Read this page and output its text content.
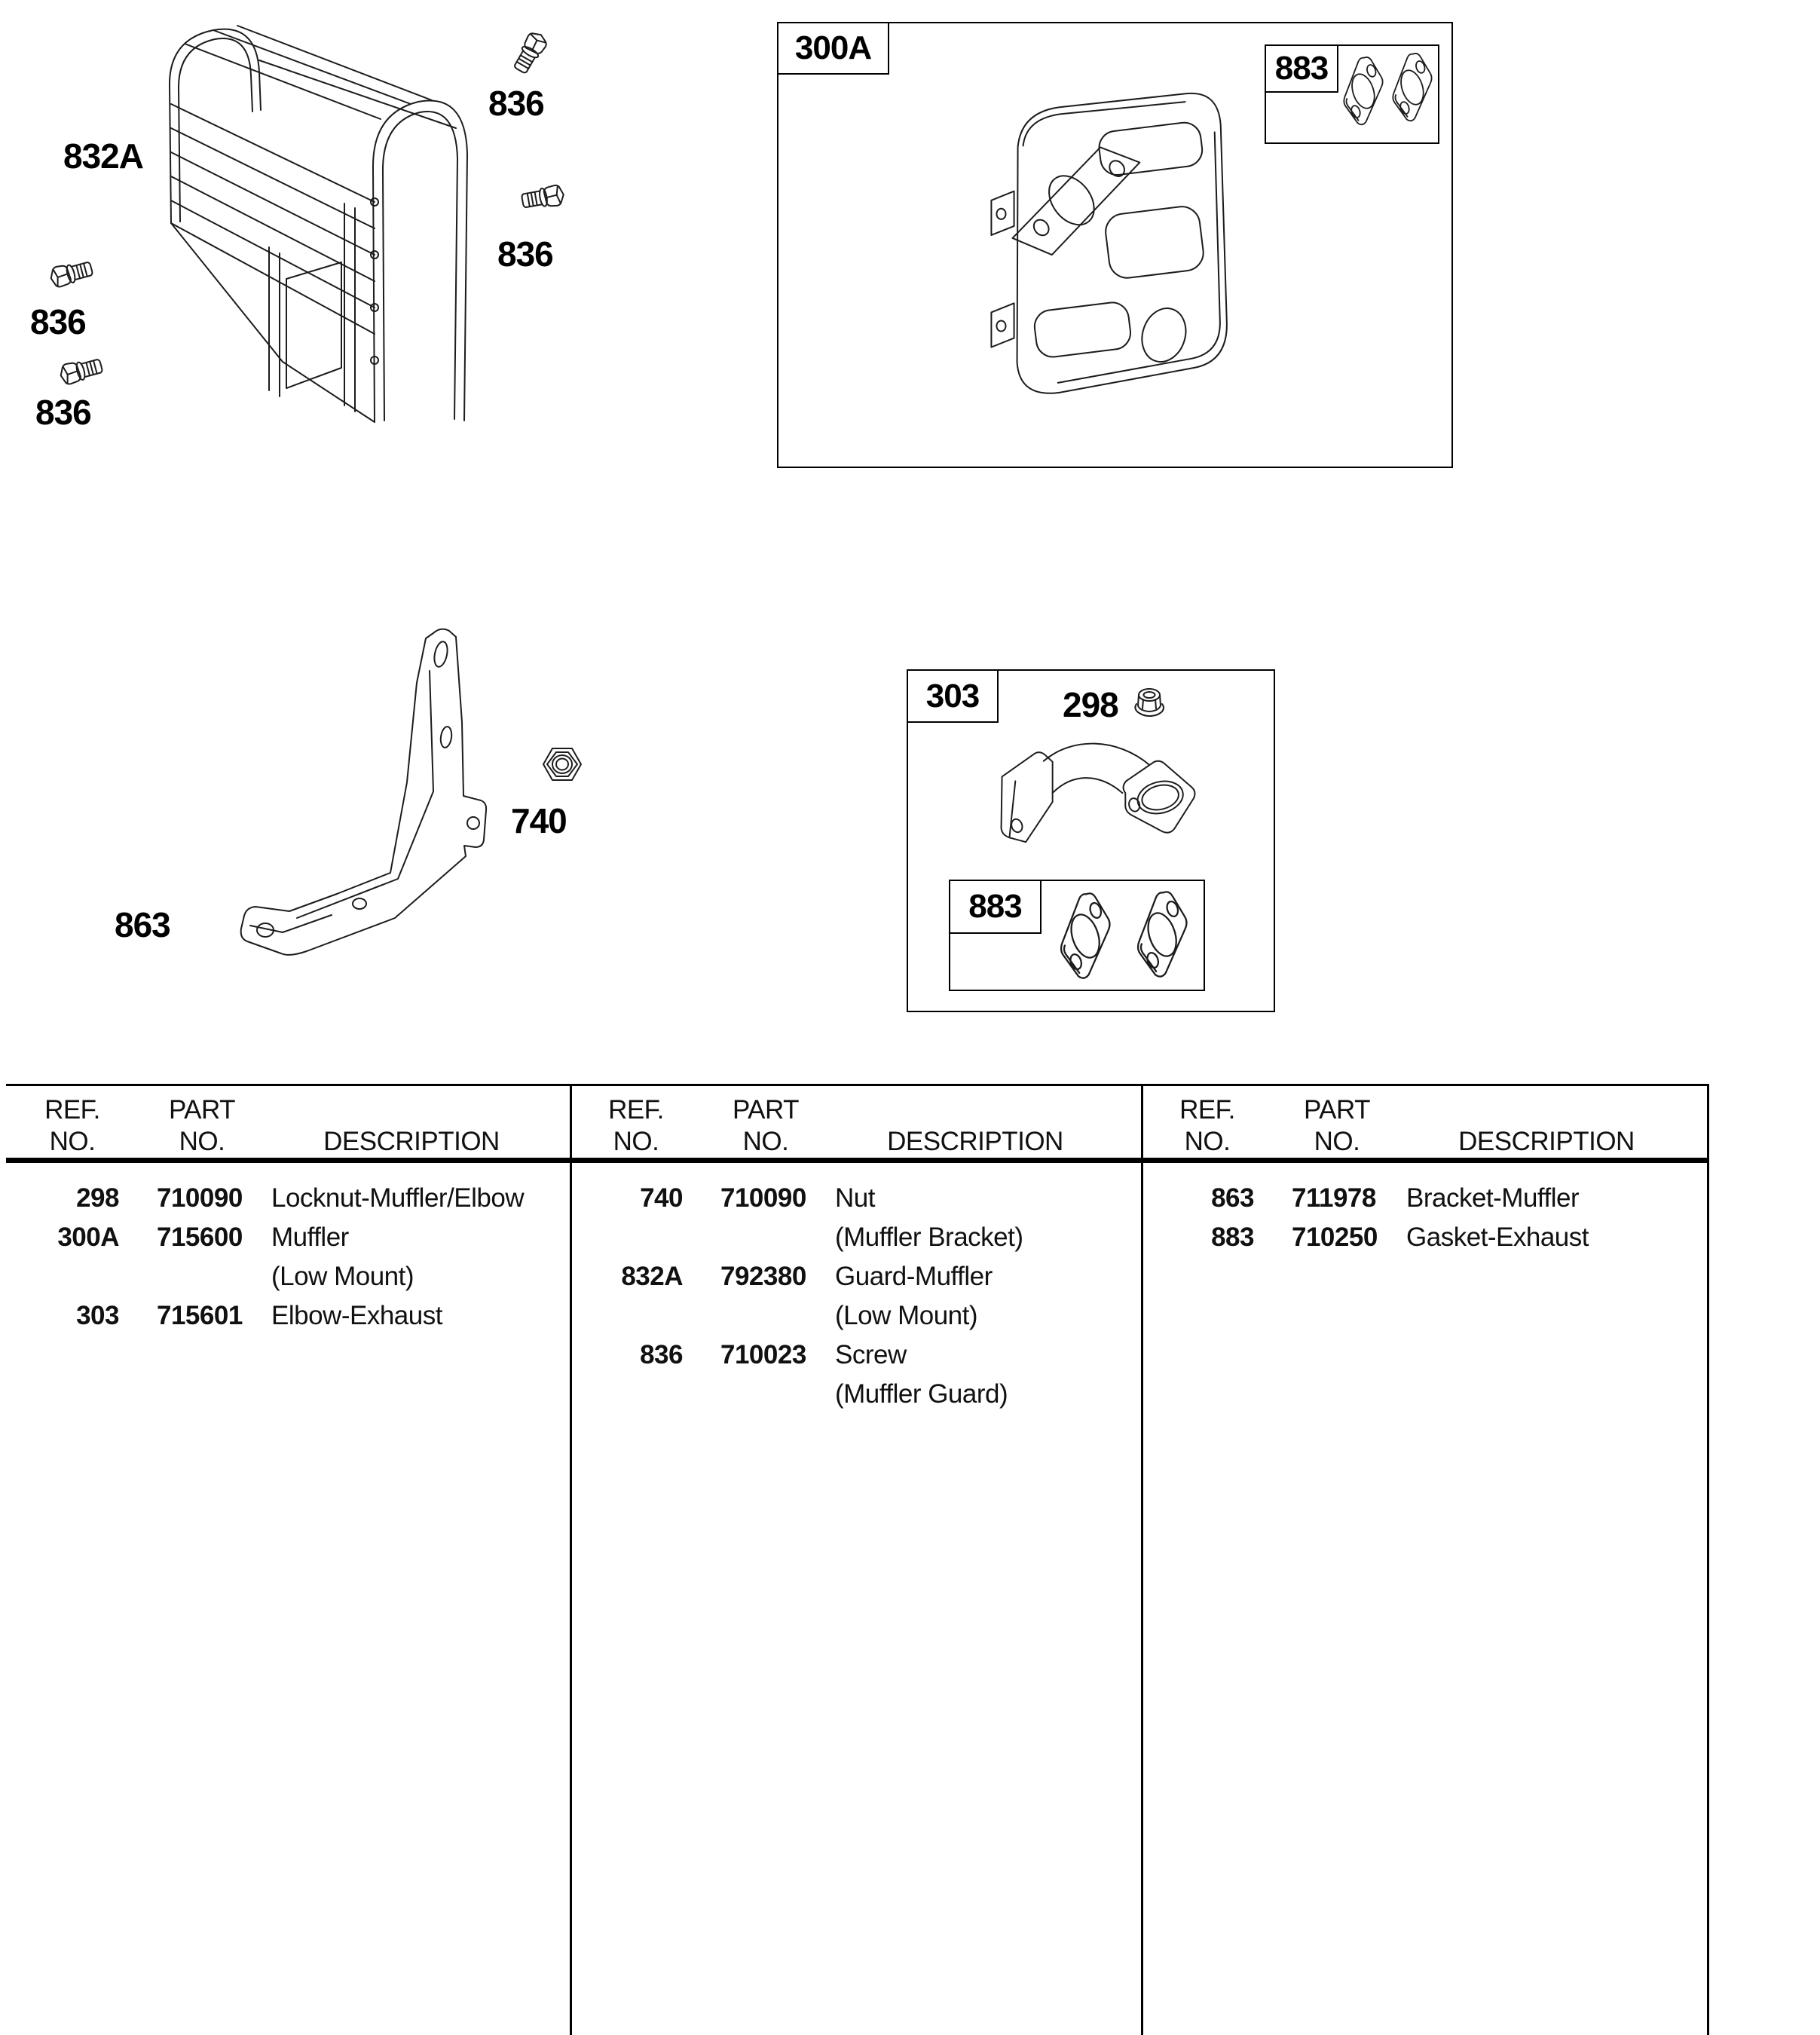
832A
836
836
836
836
300A
883
863
740
303 298
883
REF.
NO.
PART
NO.	DESCRIPTION
REF.
NO.
PART
NO.	DESCRIPTION
REF.
NO.
PART
NO.	DESCRIPTION
298 710090	Locknut-Muffler/Elbow
300A 715600	Muffler
(Low Mount)
303 715601	Elbow-Exhaust
740 710090	Nut
(Muffler Bracket)
832A 792380	Guard-Muffler
(Low Mount)
836 710023	Screw
(Muffler Guard)
863 711978	Bracket-Muffler
883 710250	Gasket-Exhaust
